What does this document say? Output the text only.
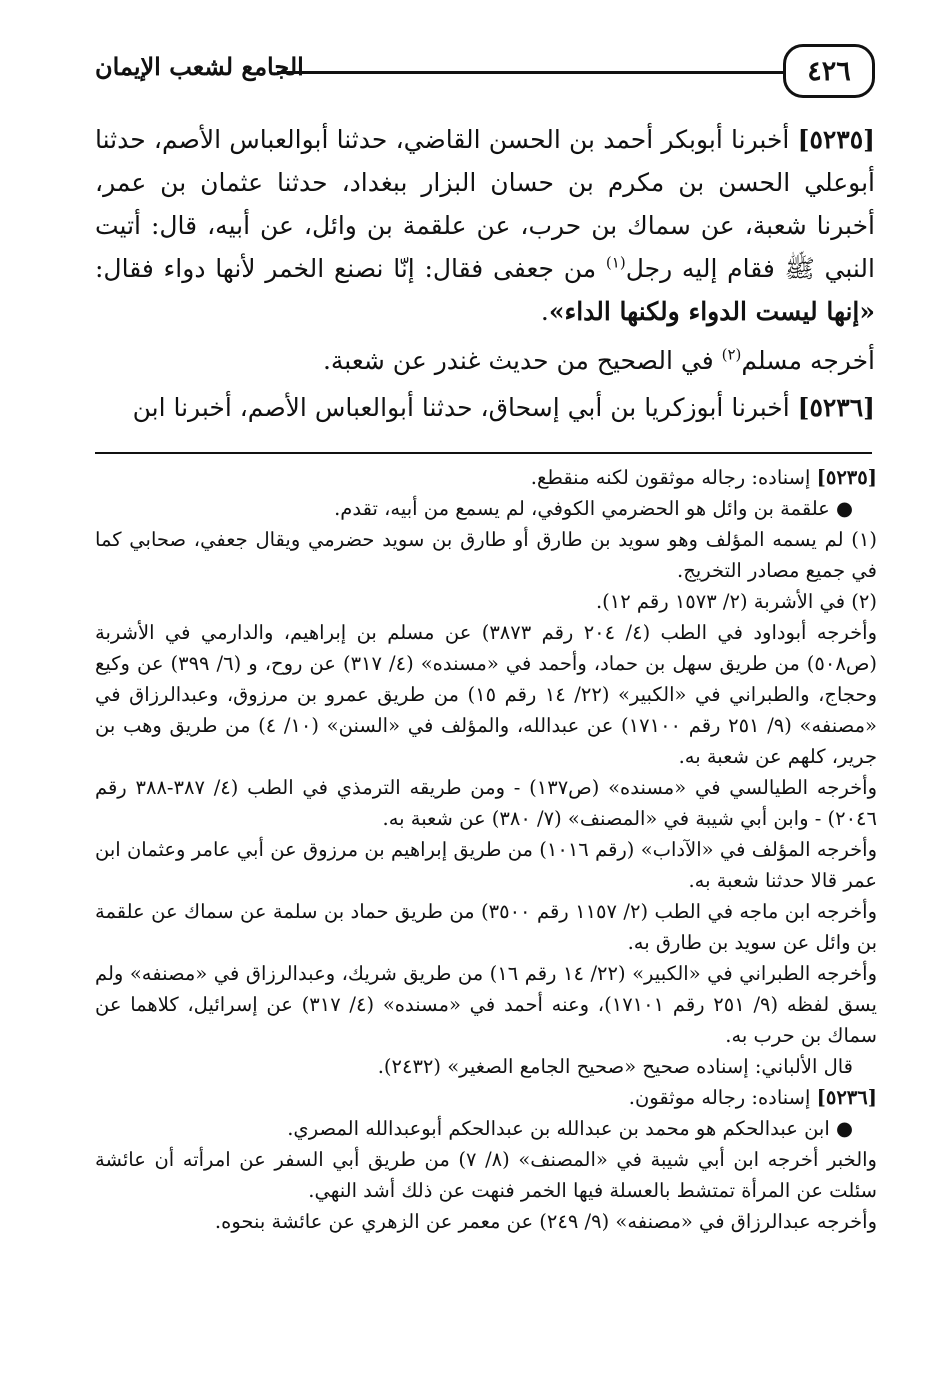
٤٢٦
الجامع لشعب الإيمان

[٥٢٣٥] أخبرنا أبوبكر أحمد بن الحسن القاضي، حدثنا أبوالعباس الأصم، حدثنا أبوعلي الحسن بن مكرم بن حسان البزار ببغداد، حدثنا عثمان بن عمر، أخبرنا شعبة، عن سماك بن حرب، عن علقمة بن وائل، عن أبيه، قال: أتيت النبي ﷺ فقام إليه رجل$^{(١)}$ من جعفى فقال: إنّا نصنع الخمر لأنها دواء فقال: «إنها ليست الدواء ولكنها الداء».

أخرجه مسلم$^{(٢)}$ في الصحيح من حديث غندر عن شعبة.

[٥٢٣٦] أخبرنا أبوزكريا بن أبي إسحاق، حدثنا أبوالعباس الأصم، أخبرنا ابن

[٥٢٣٥] إسناده: رجاله موثقون لكنه منقطع.

● علقمة بن وائل هو الحضرمي الكوفي، لم يسمع من أبيه، تقدم.

(١) لم يسمه المؤلف وهو سويد بن طارق أو طارق بن سويد حضرمي ويقال جعفي، صحابي كما في جميع مصادر التخريج.

(٢) في الأشربة (٢/ ١٥٧٣ رقم ١٢).

وأخرجه أبوداود في الطب (٤/ ٢٠٤ رقم ٣٨٧٣) عن مسلم بن إبراهيم، والدارمي في الأشربة (ص٥٠٨) من طريق سهل بن حماد، وأحمد في «مسنده» (٤/ ٣١٧) عن روح، و (٦/ ٣٩٩) عن وكيع وحجاج، والطبراني في «الكبير» (٢٢/ ١٤ رقم ١٥) من طريق عمرو بن مرزوق، وعبدالرزاق في «مصنفه» (٩/ ٢٥١ رقم ١٧١٠٠) عن عبدالله، والمؤلف في «السنن» (١٠/ ٤) من طريق وهب بن جرير، كلهم عن شعبة به.

وأخرجه الطيالسي في «مسنده» (ص١٣٧) - ومن طريقه الترمذي في الطب (٤/ ٣٨٧-٣٨٨ رقم ٢٠٤٦) - وابن أبي شيبة في «المصنف» (٧/ ٣٨٠) عن شعبة به.

وأخرجه المؤلف في «الآداب» (رقم ١٠١٦) من طريق إبراهيم بن مرزوق عن أبي عامر وعثمان ابن عمر قالا حدثنا شعبة به.

وأخرجه ابن ماجه في الطب (٢/ ١١٥٧ رقم ٣٥٠٠) من طريق حماد بن سلمة عن سماك عن علقمة بن وائل عن سويد بن طارق به.

وأخرجه الطبراني في «الكبير» (٢٢/ ١٤ رقم ١٦) من طريق شريك، وعبدالرزاق في «مصنفه» ولم يسق لفظه (٩/ ٢٥١ رقم ١٧١٠١)، وعنه أحمد في «مسنده» (٤/ ٣١٧) عن إسرائيل، كلاهما عن سماك بن حرب به.

قال الألباني: إسناده صحيح «صحيح الجامع الصغير» (٢٤٣٢).

[٥٢٣٦] إسناده: رجاله موثقون.

● ابن عبدالحكم هو محمد بن عبدالله بن عبدالحكم أبوعبدالله المصري.

والخبر أخرجه ابن أبي شيبة في «المصنف» (٨/ ٧) من طريق أبي السفر عن امرأته أن عائشة سئلت عن المرأة تمتشط بالعسلة فيها الخمر فنهت عن ذلك أشد النهي.

وأخرجه عبدالرزاق في «مصنفه» (٩/ ٢٤٩) عن معمر عن الزهري عن عائشة بنحوه.
